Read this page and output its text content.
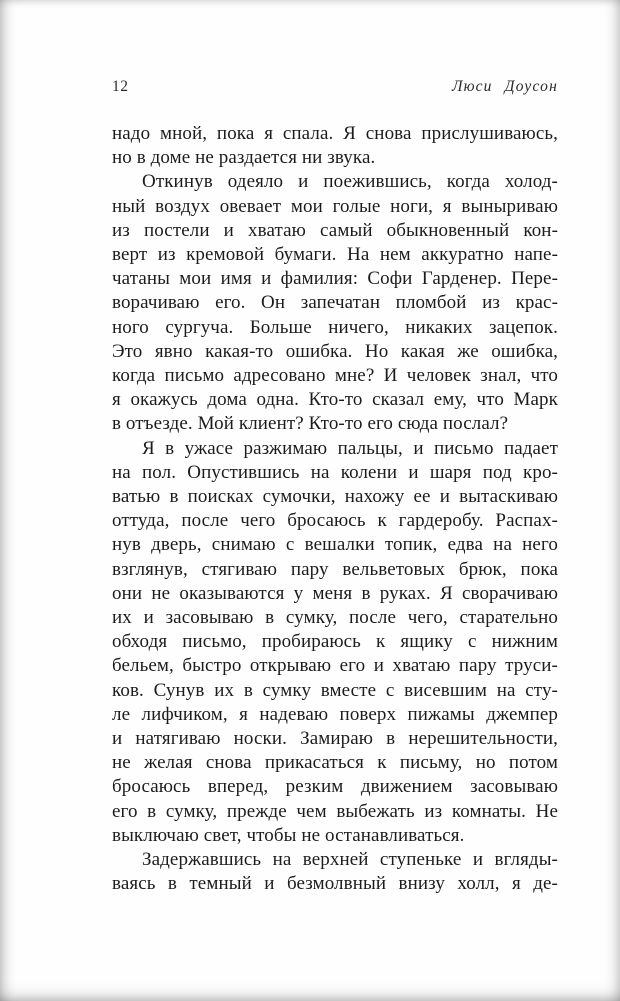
12	Люси Доусон
надо мной, пока я спала. Я снова прислушиваюсь,
но в доме не раздается ни звука.
Откинув одеяло и поежившись, когда холод-
ный воздух овевает мои голые ноги, я выныриваю
из постели и хватаю самый обыкновенный кон-
верт из кремовой бумаги. На нем аккуратно напе-
чатаны мои имя и фамилия: Софи Гарденер. Пере-
ворачиваю его. Он запечатан пломбой из крас-
ного сургуча. Больше ничего, никаких зацепок.
Это явно какая-то ошибка. Но какая же ошибка,
когда письмо адресовано мне? И человек знал, что
я окажусь дома одна. Кто-то сказал ему, что Марк
в отъезде. Мой клиент? Кто-то его сюда послал?
Я в ужасе разжимаю пальцы, и письмо падает
на пол. Опустившись на колени и шаря под кро-
ватью в поисках сумочки, нахожу ее и вытаскиваю
оттуда, после чего бросаюсь к гардеробу. Распах-
нув дверь, снимаю с вешалки топик, едва на него
взглянув, стягиваю пару вельветовых брюк, пока
они не оказываются у меня в руках. Я сворачиваю
их и засовываю в сумку, после чего, старательно
обходя письмо, пробираюсь к ящику с нижним
бельем, быстро открываю его и хватаю пару труси-
ков. Сунув их в сумку вместе с висевшим на сту-
ле лифчиком, я надеваю поверх пижамы джемпер
и натягиваю носки. Замираю в нерешительности,
не желая снова прикасаться к письму, но потом
бросаюсь вперед, резким движением засовываю
его в сумку, прежде чем выбежать из комнаты. Не
выключаю свет, чтобы не останавливаться.
Задержавшись на верхней ступеньке и вгляды-
ваясь в темный и безмолвный внизу холл, я де-
